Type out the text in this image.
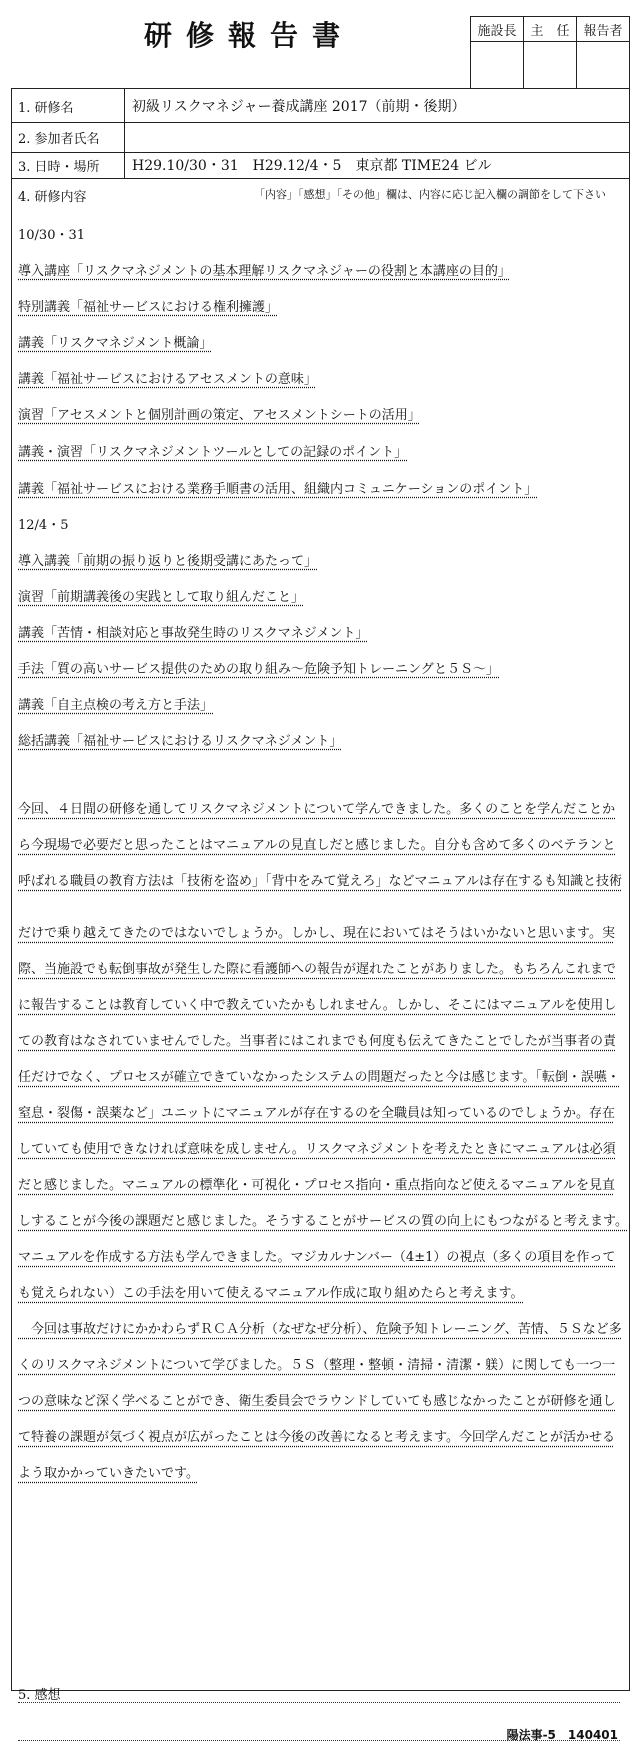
研修報告書	施設長	主　任	報告者

1. 研修名	初級リスクマネジャー養成講座 2017（前期・後期）
2. 参加者氏名
3. 日時・場所 H29.10/30・31　H29.12/4・5　東京都 TIME24 ビル
4. 研修内容	「内容」「感想」「その他」欄は、内容に応じ記入欄の調節をして下さい
10/30・31
導入講座「リスクマネジメントの基本理解リスクマネジャーの役割と本講座の目的」
特別講義「福祉サービスにおける権利擁護」
講義「リスクマネジメント概論」
講義「福祉サービスにおけるアセスメントの意味」
演習「アセスメントと個別計画の策定、アセスメントシートの活用」
講義・演習「リスクマネジメントツールとしての記録のポイント」
講義「福祉サービスにおける業務手順書の活用、組織内コミュニケーションのポイント」
12/4・5
導入講義「前期の振り返りと後期受講にあたって」
演習「前期講義後の実践として取り組んだこと」
講義「苦情・相談対応と事故発生時のリスクマネジメント」
手法「質の高いサービス提供のための取り組み～危険予知トレーニングと５Ｓ～」
講義「自主点検の考え方と手法」
総括講義「福祉サービスにおけるリスクマネジメント」
今回、４日間の研修を通してリスクマネジメントについて学んできました。多くのことを学んだことか
ら今現場で必要だと思ったことはマニュアルの見直しだと感じました。自分も含めて多くのベテランと
呼ばれる職員の教育方法は「技術を盗め」「背中をみて覚えろ」などマニュアルは存在するも知識と技術
だけで乗り越えてきたのではないでしょうか。しかし、現在においてはそうはいかないと思います。実
際、当施設でも転倒事故が発生した際に看護師への報告が遅れたことがありました。もちろんこれまで
に報告することは教育していく中で教えていたかもしれません。しかし、そこにはマニュアルを使用し
ての教育はなされていませんでした。当事者にはこれまでも何度も伝えてきたことでしたが当事者の責
任だけでなく、プロセスが確立できていなかったシステムの問題だったと今は感じます。「転倒・誤嚥・
窒息・裂傷・誤薬など」ユニットにマニュアルが存在するのを全職員は知っているのでしょうか。存在
していても使用できなければ意味を成しません。リスクマネジメントを考えたときにマニュアルは必須
だと感じました。マニュアルの標準化・可視化・プロセス指向・重点指向など使えるマニュアルを見直
しすることが今後の課題だと感じました。そうすることがサービスの質の向上にもつながると考えます。
マニュアルを作成する方法も学んできました。マジカルナンバー（4±1）の視点（多くの項目を作って
も覚えられない）この手法を用いて使えるマニュアル作成に取り組めたらと考えます。
　今回は事故だけにかかわらずＲＣＡ分析（なぜなぜ分析）、危険予知トレーニング、苦情、５Ｓなど多
くのリスクマネジメントについて学びました。５Ｓ（整理・整頓・清掃・清潔・躾）に関しても一つ一
つの意味など深く学べることができ、衛生委員会でラウンドしていても感じなかったことが研修を通し
て特養の課題が気づく視点が広がったことは今後の改善になると考えます。今回学んだことが活かせる
よう取かかっていきたいです。
5. 感想
陽法事-5　140401
